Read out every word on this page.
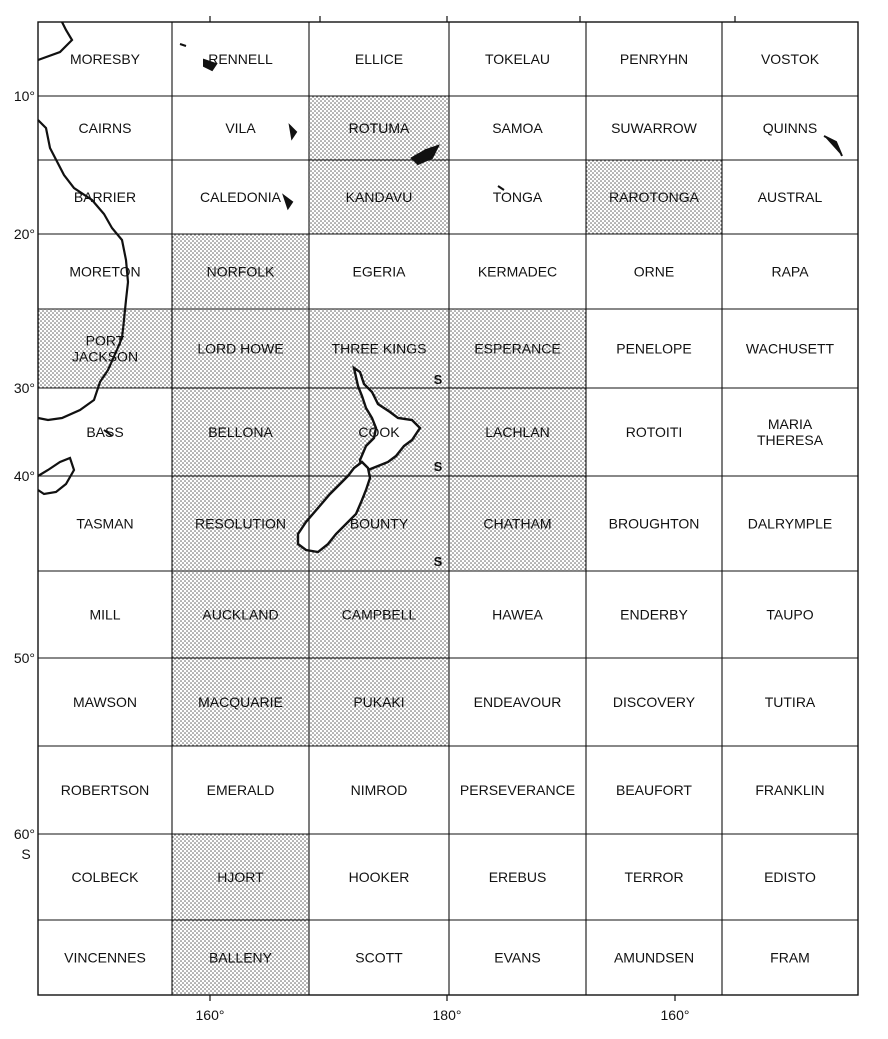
MORESBY	RENNELL	ELLICE	TOKELAU	PENRYHN	VOSTOK
CAIRNS	VILA	ROTUMA	SAMOA	SUWARROW	QUINNS
BARRIER	CALEDONIA	KANDAVU	TONGA	RAROTONGA	AUSTRAL
MORETON	NORFOLK	EGERIA	KERMADEC	ORNE	RAPA
PORT JACKSON	LORD HOWE	THREE KINGS	ESPERANCE	PENELOPE	WACHUSETT
BASS	BELLONA	COOK	LACHLAN	ROTOITI	MARIA THERESA
TASMAN	RESOLUTION	BOUNTY	CHATHAM	BROUGHTON	DALRYMPLE
MILL	AUCKLAND	CAMPBELL	HAWEA	ENDERBY	TAUPO
MAWSON	MACQUARIE	PUKAKI	ENDEAVOUR	DISCOVERY	TUTIRA
ROBERTSON	EMERALD	NIMROD	PERSEVERANCE	BEAUFORT	FRANKLIN
COLBECK	HJORT	HOOKER	EREBUS	TERROR	EDISTO
VINCENNES	BALLENY	SCOTT	EVANS	AMUNDSEN	FRAM
10°
20°
30°
40°
50°
60°
S
160°	180°	160°
S
S
S
